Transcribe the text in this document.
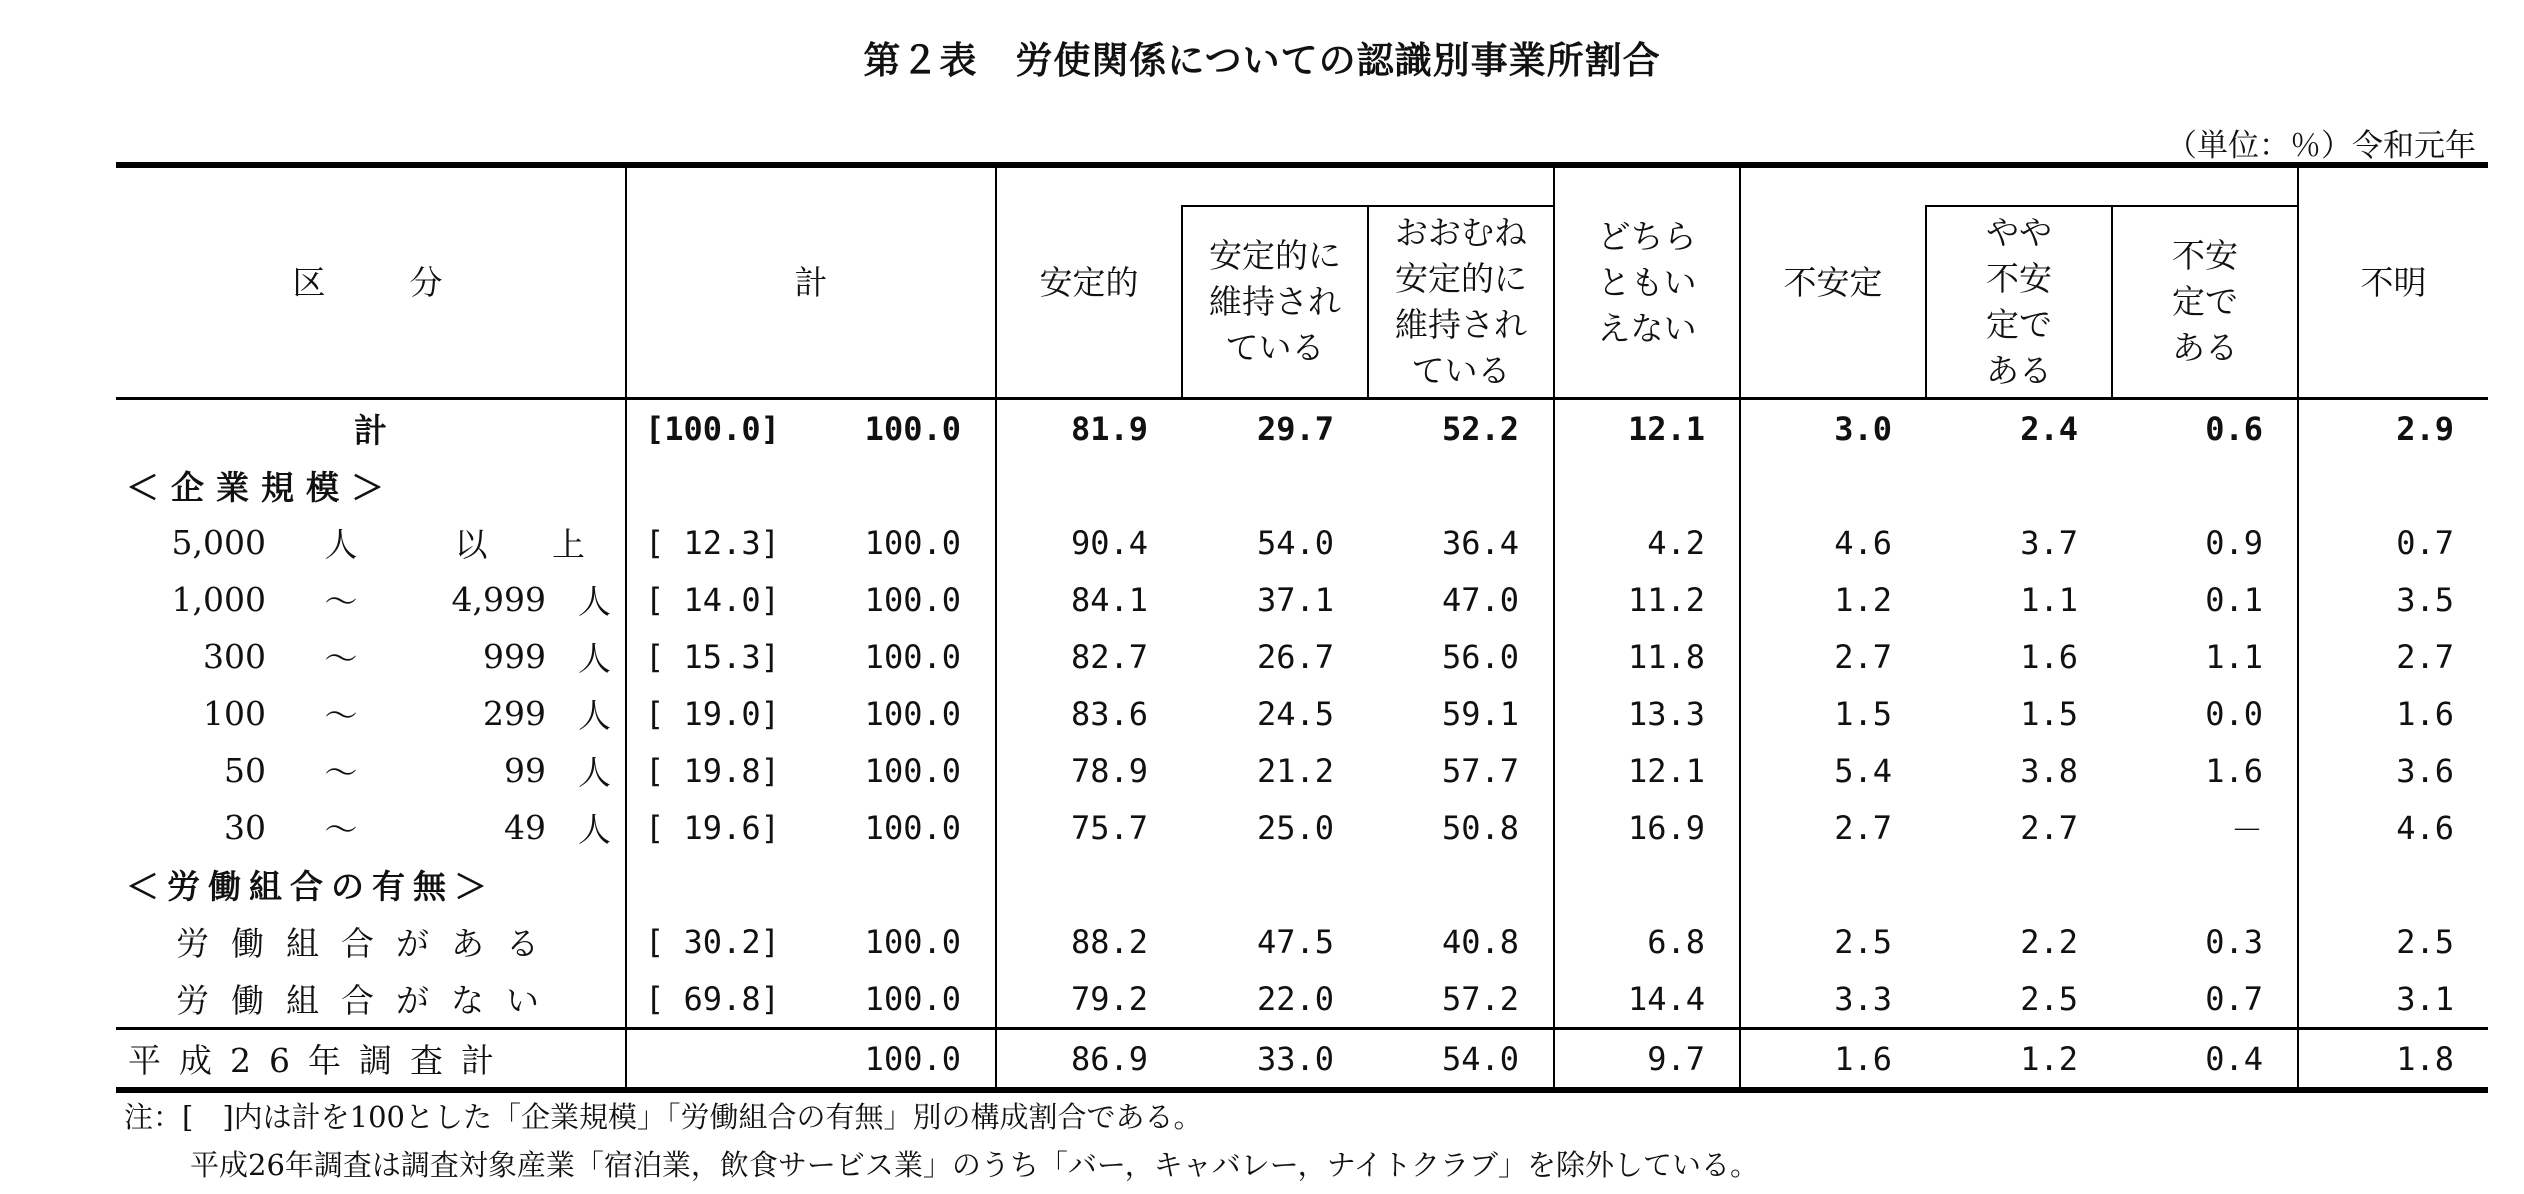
第２表　労使関係についての認識別事業所割合
（単位：％）令和元年
区　　分	計		安定的			どちらともいえない	不安定			不明
				安定的に維持されている	おおむね安定的に維持されている			やや不安定である	不安定である	

計	[100.0]	100.0	81.9	29.7	52.2	12.1	3.0	2.4	0.6	2.9
＜企業規模＞										

5,000 人 以 上	[ 12.3]	100.0	90.4	54.0	36.4	4.2	4.6	3.7	0.9	0.7

1,000 ～ 4,999 人	[ 14.0]	100.0	84.1	37.1	47.0	11.2	1.2	1.1	0.1	3.5

300 ～ 999 人	[ 15.3]	100.0	82.7	26.7	56.0	11.8	2.7	1.6	1.1	2.7

100 ～ 299 人	[ 19.0]	100.0	83.6	24.5	59.1	13.3	1.5	1.5	0.0	1.6

50 ～ 99 人	[ 19.8]	100.0	78.9	21.2	57.7	12.1	5.4	3.8	1.6	3.6

30 ～ 49 人	[ 19.6]	100.0	75.7	25.0	50.8	16.9	2.7	2.7	－	4.6
＜労働組合の有無＞										
労働組合がある	[ 30.2]	100.0	88.2	47.5	40.8	6.8	2.5	2.2	0.3	2.5
労働組合がない	[ 69.8]	100.0	79.2	22.0	57.2	14.4	3.3	2.5	0.7	3.1
平成26年調査計		100.0	86.9	33.0	54.0	9.7	1.6	1.2	0.4	1.8
注：[　]内は計を100とした「企業規模」「労働組合の有無」別の構成割合である。
平成26年調査は調査対象産業「宿泊業，飲食サービス業」のうち「バー，キャバレー，ナイトクラブ」を除外している。
